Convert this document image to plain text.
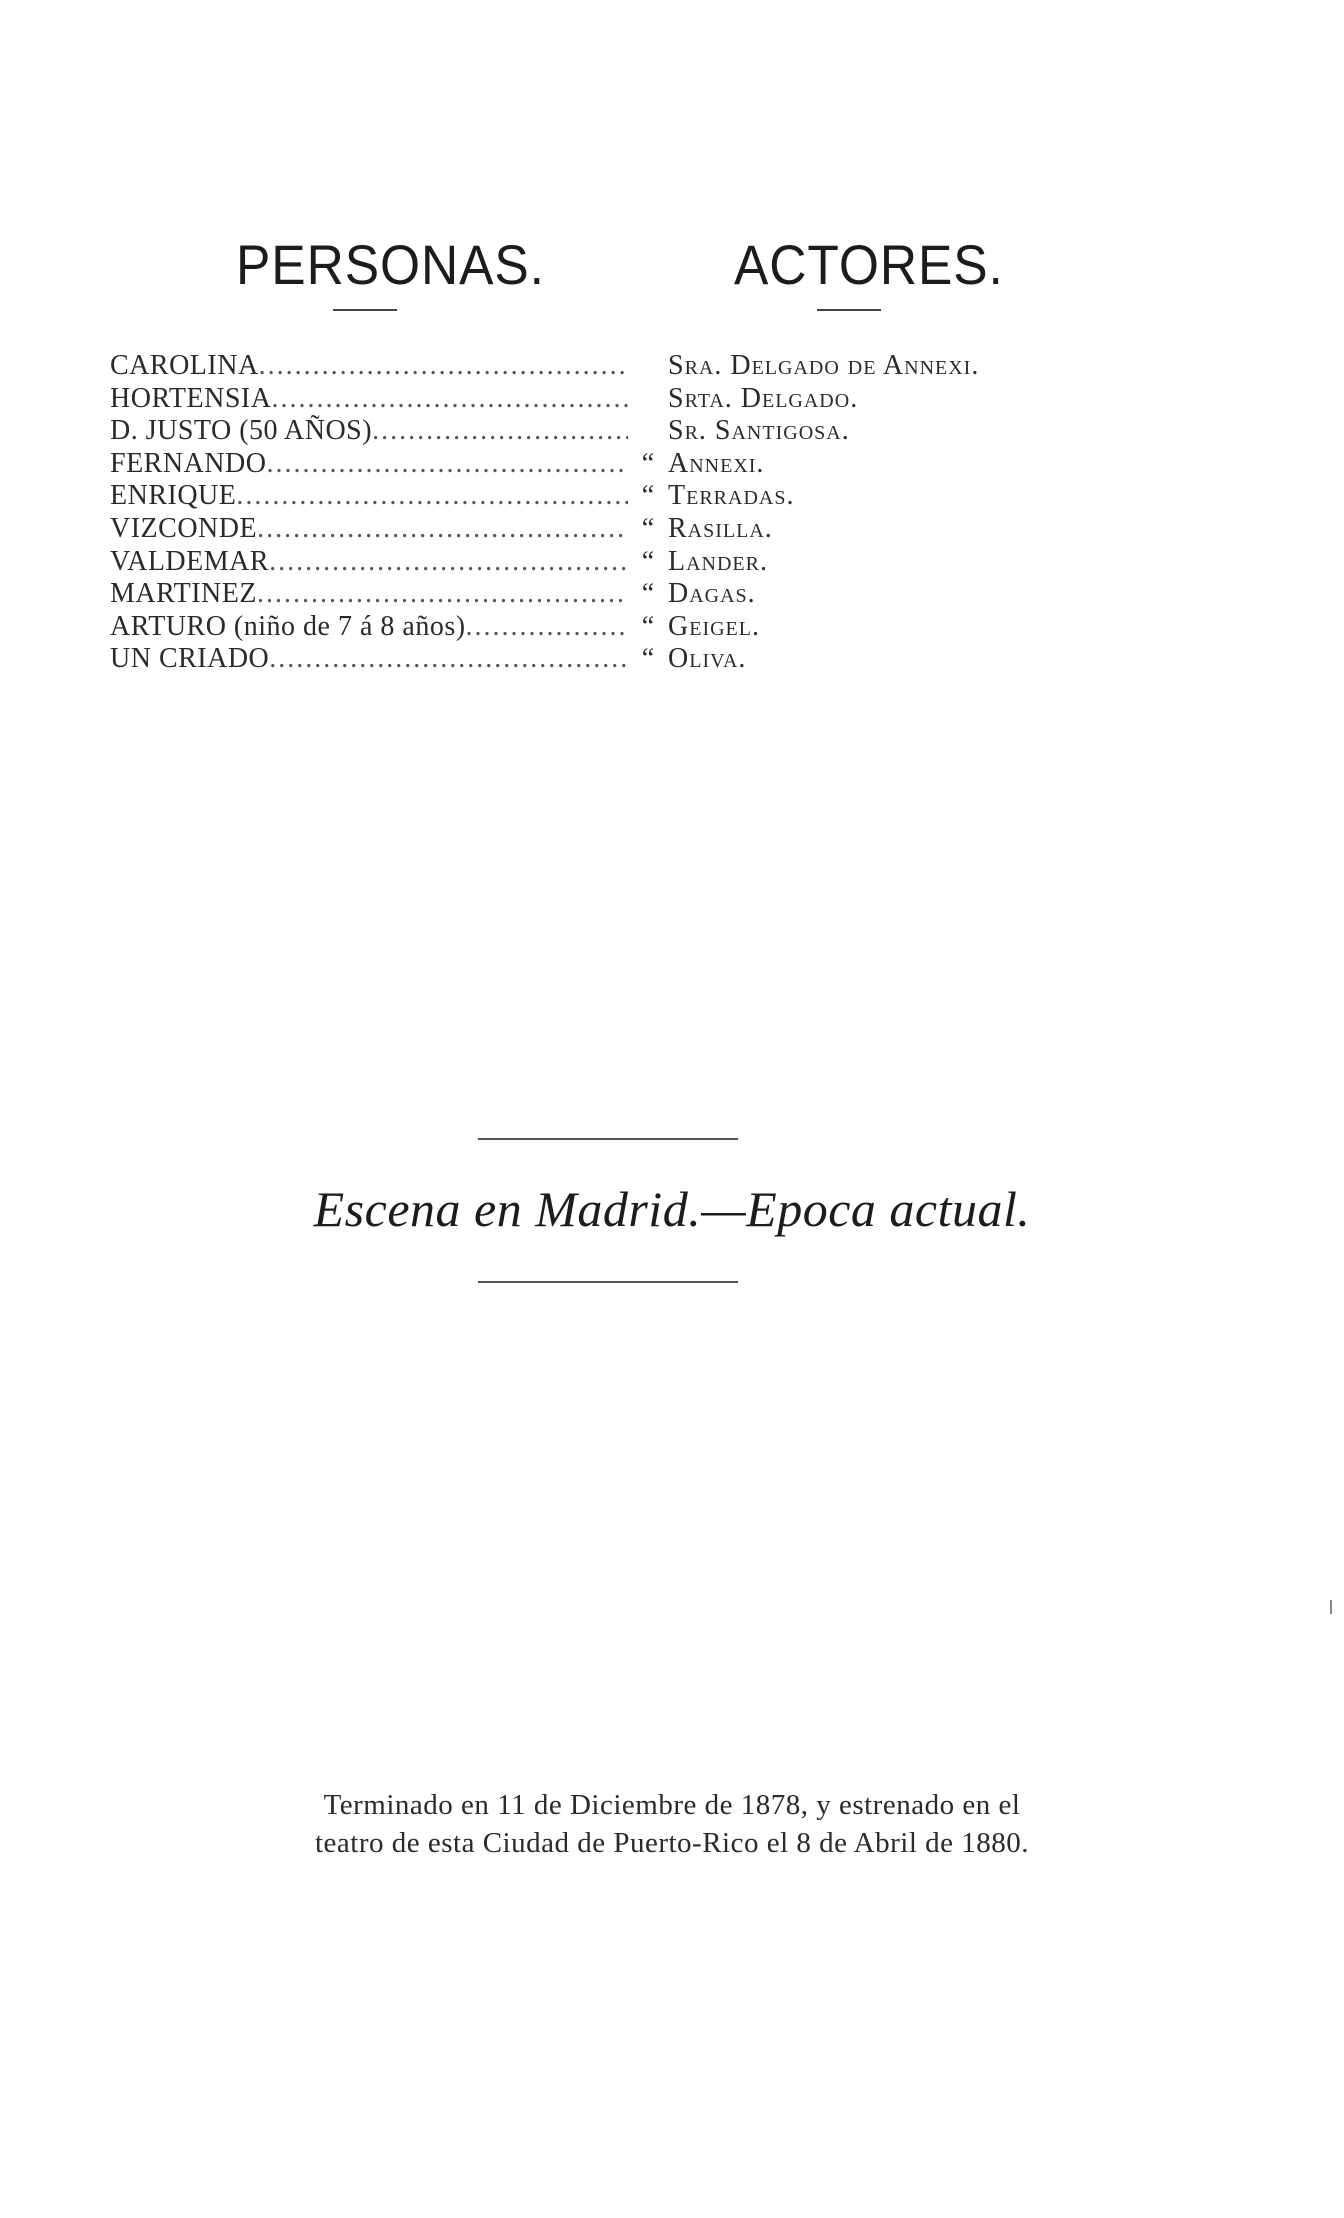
PERSONAS.	ACTORES.
CAROLINA .....	Sra. Delgado de Annexi.
HORTENSIA .....	Srta. Delgado.
D. JUSTO (50 AÑOS) .....	Sr. Santigosa.
FERNANDO .....	“ Annexi.
ENRIQUE .....	“ Terradas.
VIZCONDE .....	“ Rasilla.
VALDEMAR .....	“ Lander.
MARTINEZ .....	“ Dagas.
ARTURO (niño de 7 á 8 años) .....	“ Geigel.
UN CRIADO .....	“ Oliva.
Escena en Madrid.—Epoca actual.
Terminado en 11 de Diciembre de 1878, y estrenado en el
teatro de esta Ciudad de Puerto-Rico el 8 de Abril de 1880.
